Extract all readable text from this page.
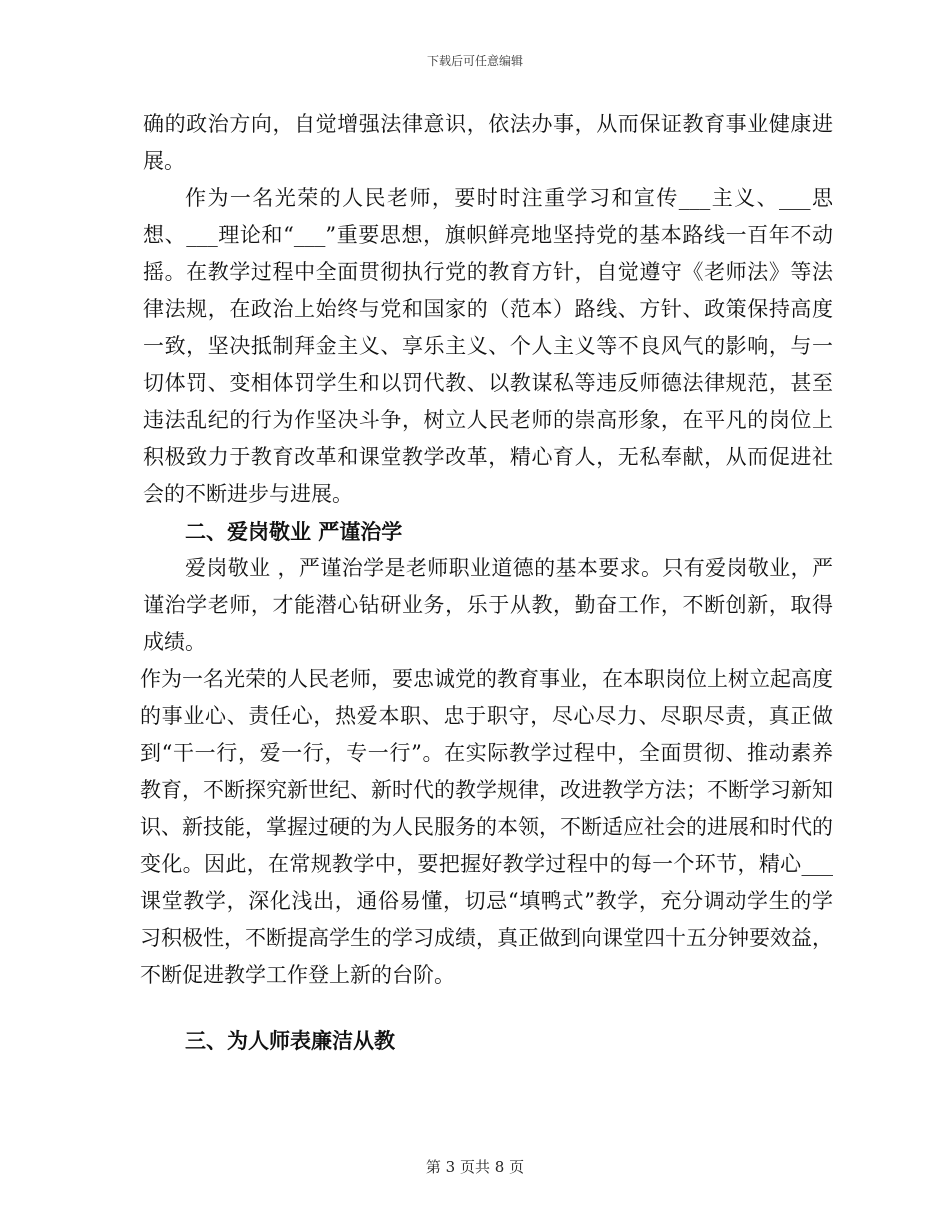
下载后可任意编辑

确的政治方向，自觉增强法律意识，依法办事，从而保证教育事业健康进展。

作为一名光荣的人民老师，要时时注重学习和宣传___主义、___思想、___理论和“___”重要思想，旗帜鲜亮地坚持党的基本路线一百年不动摇。在教学过程中全面贯彻执行党的教育方针，自觉遵守《老师法》等法律法规，在政治上始终与党和国家的（范本）路线、方针、政策保持高度一致，坚决抵制拜金主义、享乐主义、个人主义等不良风气的影响，与一切体罚、变相体罚学生和以罚代教、以教谋私等违反师德法律规范，甚至违法乱纪的行为作坚决斗争，树立人民老师的崇高形象，在平凡的岗位上积极致力于教育改革和课堂教学改革，精心育人，无私奉献，从而促进社会的不断进步与进展。

二、爱岗敬业 严谨治学

爱岗敬业 ，严谨治学是老师职业道德的基本要求。只有爱岗敬业，严谨治学老师，才能潜心钻研业务，乐于从教，勤奋工作，不断创新，取得成绩。

作为一名光荣的人民老师，要忠诚党的教育事业，在本职岗位上树立起高度的事业心、责任心，热爱本职、忠于职守，尽心尽力、尽职尽责，真正做到“干一行，爱一行，专一行”。在实际教学过程中，全面贯彻、推动素养教育，不断探究新世纪、新时代的教学规律，改进教学方法；不断学习新知识、新技能，掌握过硬的为人民服务的本领，不断适应社会的进展和时代的变化。因此，在常规教学中，要把握好教学过程中的每一个环节，精心___课堂教学，深化浅出，通俗易懂，切忌“填鸭式”教学，充分调动学生的学习积极性，不断提高学生的学习成绩，真正做到向课堂四十五分钟要效益，不断促进教学工作登上新的台阶。

三、为人师表廉洁从教

第 3 页共 8 页
